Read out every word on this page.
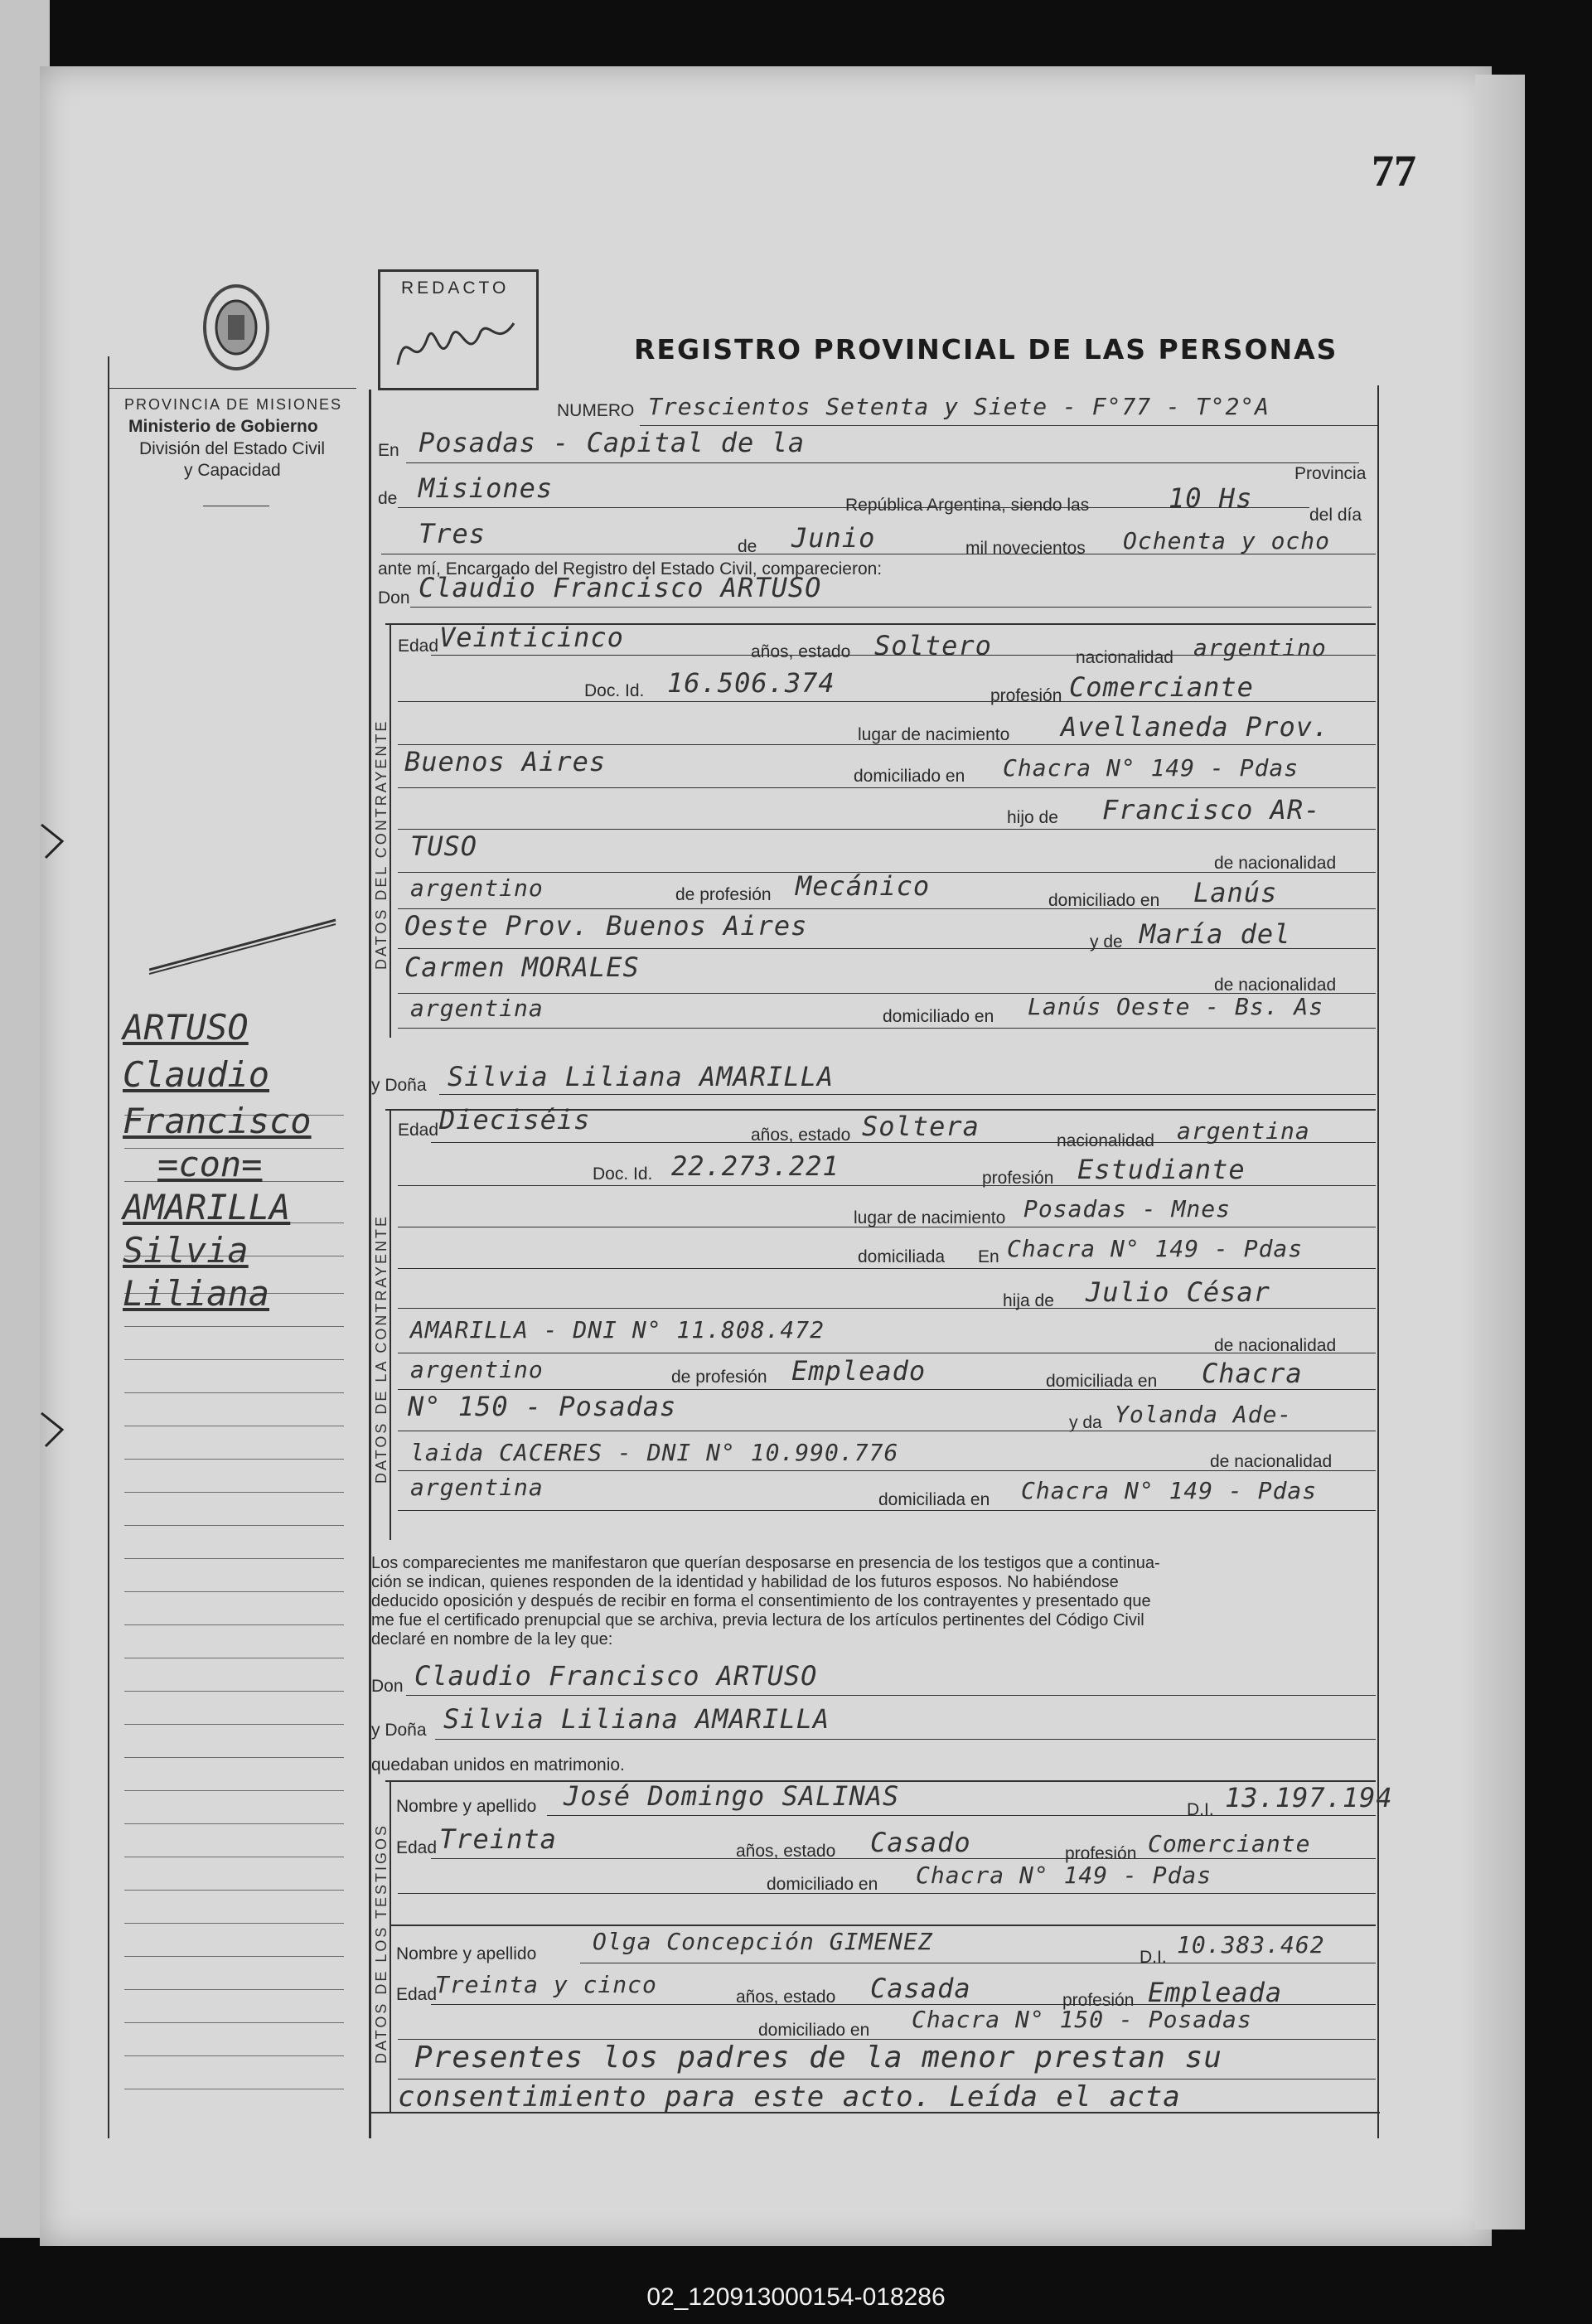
77
PROVINCIA DE MISIONES
Ministerio de Gobierno
División del Estado Civil
y Capacidad
REDACTO
REGISTRO PROVINCIAL DE LAS PERSONAS
ARTUSO
Claudio
Francisco
=con=
AMARILLA
Silvia
Liliana
NUMERO Trescientos Setenta y Siete - F°77 - T°2°A
En Posadas - Capital de la
Provincia
de Misiones
República Argentina, siendo las	10 Hs
del día
Tres	de Junio	mil novecientos Ochenta y ocho
ante mí, Encargado del Registro del Estado Civil, comparecieron:
Don Claudio Francisco ARTUSO
DATOS DEL CONTRAYENTE
Edad Veinticinco	años, estado Soltero	nacionalidad argentino
Doc. Id. 16.506.374	profesión Comerciante
lugar de nacimiento Avellaneda Prov.
Buenos Aires	domiciliado en Chacra N° 149 - Pdas
hijo de Francisco AR-
TUSO
de nacionalidad
argentino	de profesión Mecánico	domiciliado en Lanús
Oeste Prov. Buenos Aires
y de María del
Carmen MORALES
de nacionalidad
argentina	domiciliado en Lanús Oeste - Bs. As
y Doña Silvia Liliana AMARILLA
DATOS DE LA CONTRAYENTE
Edad Dieciséis	años, estado Soltera	nacionalidad argentina
Doc. Id. 22.273.221	profesión Estudiante
lugar de nacimiento Posadas - Mnes
domiciliada En Chacra N° 149 - Pdas
hija de Julio César
AMARILLA - DNI N° 11.808.472
de nacionalidad
argentino	de profesión Empleado	domiciliada en Chacra
N° 150 - Posadas
y da Yolanda Ade-
laida CACERES - DNI N° 10.990.776	de nacionalidad
argentina	domiciliada en Chacra N° 149 - Pdas
Los comparecientes me manifestaron que querían desposarse en presencia de los testigos que a continua-
ción se indican, quienes responden de la identidad y habilidad de los futuros esposos. No habiéndose
deducido oposición y después de recibir en forma el consentimiento de los contrayentes y presentado que
me fue el certificado prenupcial que se archiva, previa lectura de los artículos pertinentes del Código Civil
declaré en nombre de la ley que:
Don Claudio Francisco ARTUSO
y Doña Silvia Liliana AMARILLA
quedaban unidos en matrimonio.
DATOS DE LOS TESTIGOS
Nombre y apellido José Domingo SALINAS	D.I. 13.197.194
Edad Treinta	años, estado Casado	profesión Comerciante
domiciliado en Chacra N° 149 - Pdas
Nombre y apellido Olga Concepción GIMENEZ
D.I. 10.383.462
Edad
Treinta y cinco	años, estado Casada	profesión Empleada
domiciliado en Chacra N° 150 - Posadas
Presentes los padres de la menor prestan su
consentimiento para este acto. Leída el acta
02_120913000154-018286
